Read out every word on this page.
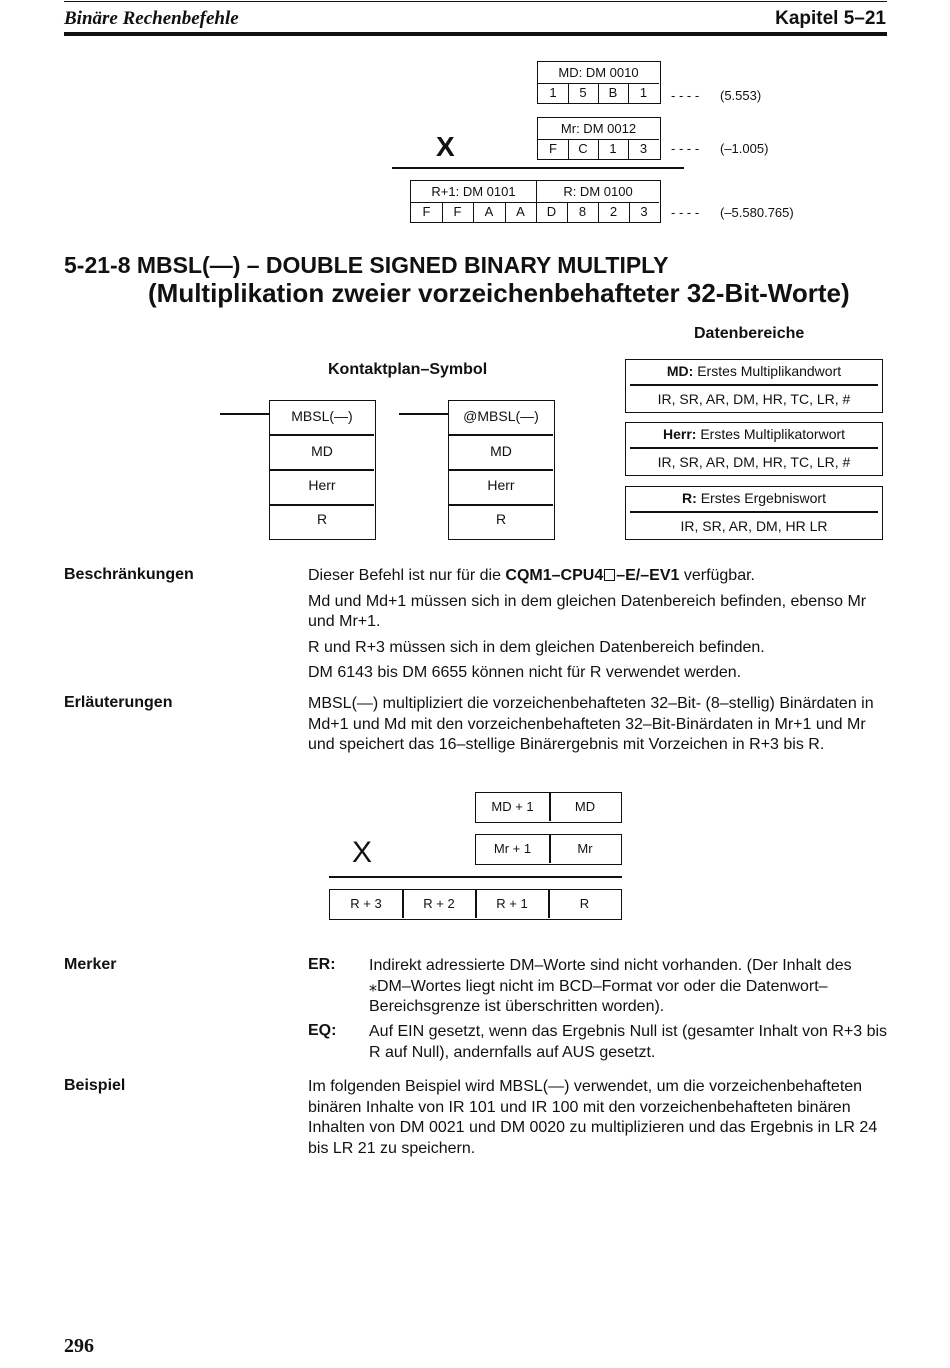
Binäre Rechenbefehle	Kapitel 5–21
MD: DM 0010
1	5	B	1	- - - - (5.553)
Mr: DM 0012
F	C	1	3	- - - - (–1.005)
X
R+1: DM 0101	R: DM 0100
F	F	A	A	D	8	2	3	- - - - (–5.580.765)
5-21-8 MBSL(—) – DOUBLE SIGNED BINARY MULTIPLY
(Multiplikation zweier vorzeichenbehafteter 32-Bit-Worte)
Kontaktplan–Symbol
MBSL(—)
MD
Herr
R
@MBSL(—)
MD
Herr
R
Datenbereiche
MD: Erstes Multiplikandwort
IR, SR, AR, DM, HR, TC, LR, #
Herr: Erstes Multiplikatorwort
IR, SR, AR, DM, HR, TC, LR, #
R: Erstes Ergebniswort
IR, SR, AR, DM, HR LR
Beschränkungen	Dieser Befehl ist nur für die CQM1–CPU4 –E/–EV1 verfügbar.

Md und Md+1 müssen sich in dem gleichen Datenbereich befinden, ebenso Mr und Mr+1.

R und R+3 müssen sich in dem gleichen Datenbereich befinden.

DM 6143 bis DM 6655 können nicht für R verwendet werden.

Erläuterungen	MBSL(—) multipliziert die vorzeichenbehafteten 32–Bit- (8–stellig) Binärdaten in Md+1 und Md mit den vorzeichenbehafteten 32–Bit-Binärdaten in Mr+1 und Mr und speichert das 16–stellige Binärergebnis mit Vorzeichen in R+3 bis R.
MD + 1	MD
Mr + 1	Mr
X
R + 3	R + 2	R + 1	R
Merker	ER: Indirekt adressierte DM–Worte sind nicht vorhanden. (Der Inhalt des ⁎DM–Wortes liegt nicht im BCD–Format vor oder die Datenwort–Bereichsgrenze ist überschritten worden).
EQ: Auf EIN gesetzt, wenn das Ergebnis Null ist (gesamter Inhalt von R+3 bis R auf Null), andernfalls auf AUS gesetzt.
Beispiel	Im folgenden Beispiel wird MBSL(—) verwendet, um die vorzeichenbehafteten binären Inhalte von IR 101 und IR 100 mit den vorzeichenbehafteten binären Inhalten von DM 0021 und DM 0020 zu multiplizieren und das Ergebnis in LR 24 bis LR 21 zu speichern.
296
